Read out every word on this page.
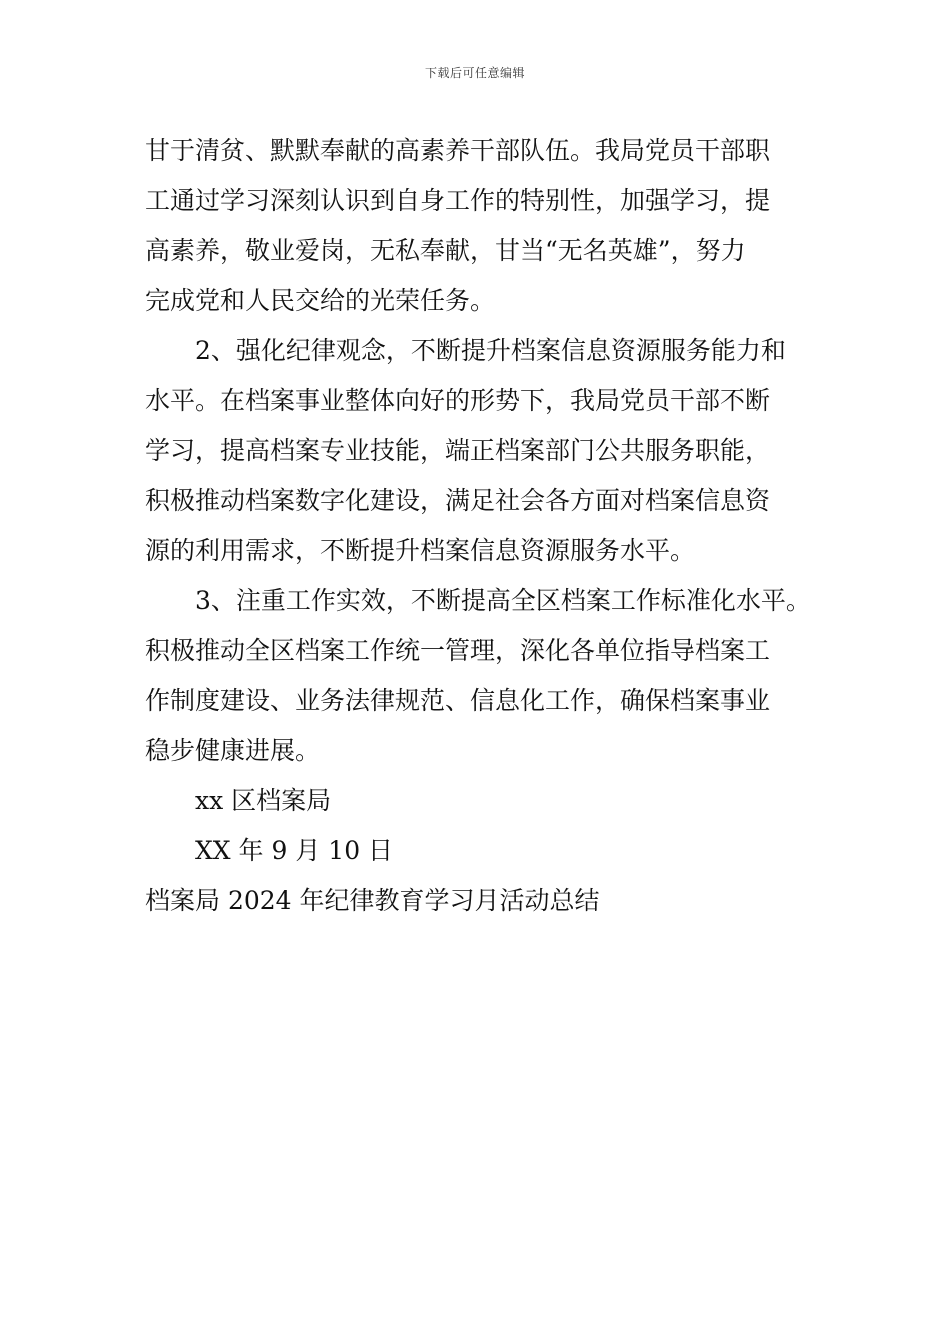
下载后可任意编辑
甘于清贫、默默奉献的高素养干部队伍。我局党员干部职
工通过学习深刻认识到自身工作的特别性，加强学习，提
高素养，敬业爱岗，无私奉献，甘当“无名英雄”，努力
完成党和人民交给的光荣任务。
2、强化纪律观念，不断提升档案信息资源服务能力和
水平。在档案事业整体向好的形势下，我局党员干部不断
学习，提高档案专业技能，端正档案部门公共服务职能，
积极推动档案数字化建设，满足社会各方面对档案信息资
源的利用需求，不断提升档案信息资源服务水平。
3、注重工作实效，不断提高全区档案工作标准化水平。
积极推动全区档案工作统一管理，深化各单位指导档案工
作制度建设、业务法律规范、信息化工作，确保档案事业
稳步健康进展。
xx 区档案局
XX 年 9 月 10 日
档案局 2024 年纪律教育学习月活动总结
